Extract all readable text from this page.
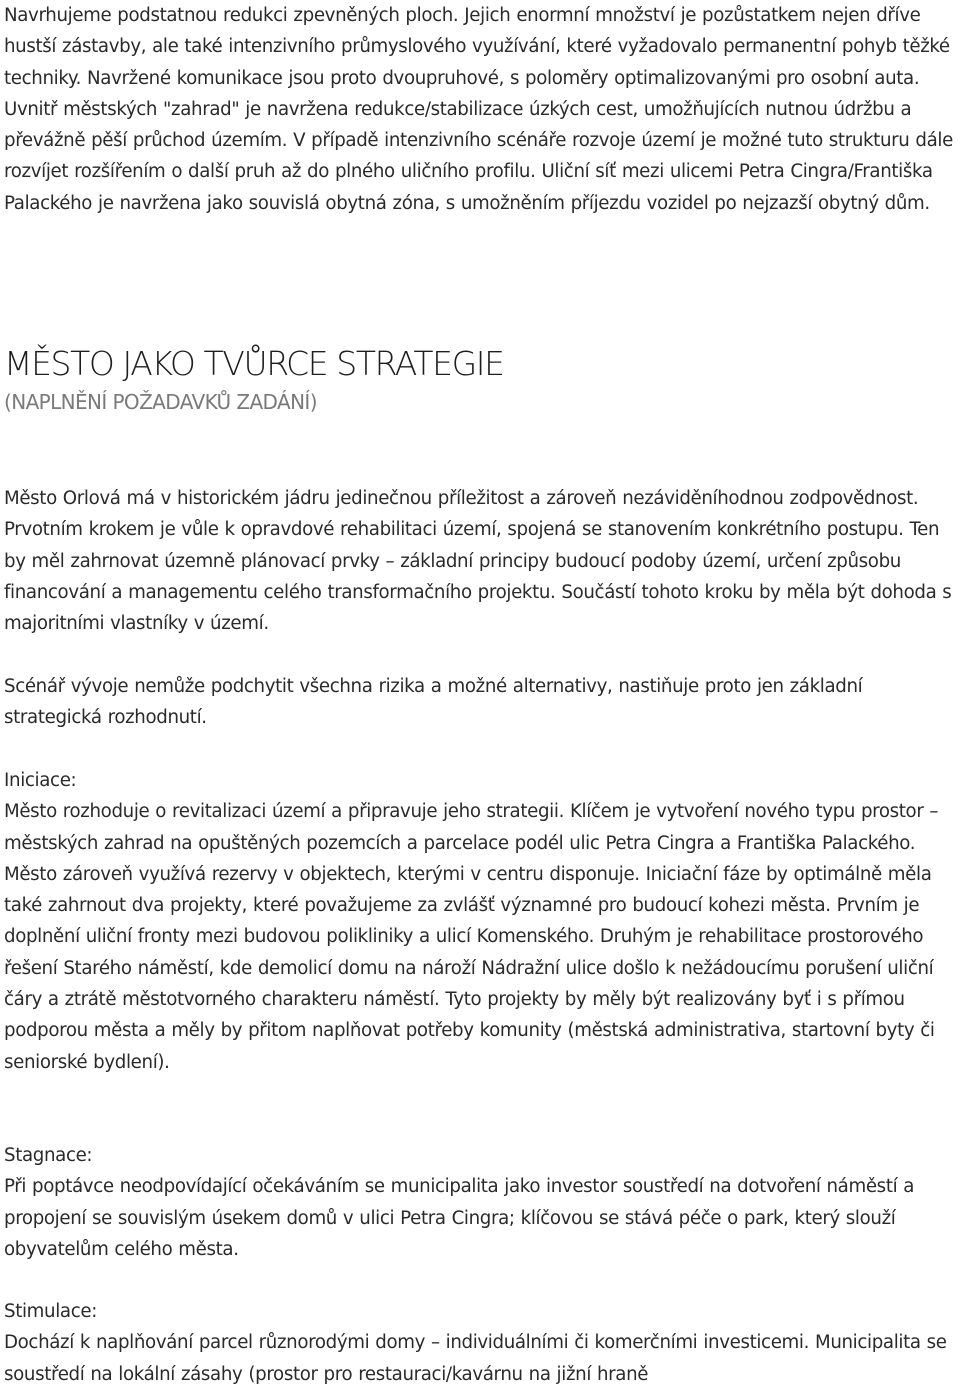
Navrhujeme podstatnou redukci zpevněných ploch. Jejich enormní množství je pozůstatkem nejen dříve hustší zástavby, ale také intenzivního průmyslového využívání, které vyžadovalo permanentní pohyb těžké techniky. Navržené komunikace jsou proto dvoupruhové, s poloměry optimalizovanými pro osobní auta. Uvnitř městských "zahrad" je navržena redukce/stabilizace úzkých cest, umožňujících nutnou údržbu a převážně pěší průchod územím. V případě intenzivního scénáře rozvoje území je možné tuto strukturu dále rozvíjet rozšířením o další pruh až do plného uličního profilu. Uliční síť mezi ulicemi Petra Cingra/Františka Palackého je navržena jako souvislá obytná zóna, s umožněním příjezdu vozidel po nejzazší obytný dům.

MĚSTO JAKO TVŮRCE STRATEGIE
(NAPLNĚNÍ POŽADAVKŮ ZADÁNÍ)

Město Orlová má v historickém jádru jedinečnou příležitost a zároveň nezáviděníhodnou zodpovědnost. Prvotním krokem je vůle k opravdové rehabilitaci území, spojená se stanovením konkrétního postupu. Ten by měl zahrnovat územně plánovací prvky – základní principy budoucí podoby území, určení způsobu financování a managementu celého transformačního projektu. Součástí tohoto kroku by měla být dohoda s majoritními vlastníky v území.

Scénář vývoje nemůže podchytit všechna rizika a možné alternativy, nastiňuje proto jen základní strategická rozhodnutí.

Iniciace:

Město rozhoduje o revitalizaci území a připravuje jeho strategii. Klíčem je vytvoření nového typu prostor – městských zahrad na opuštěných pozemcích a parcelace podél ulic Petra Cingra a Františka Palackého. Město zároveň využívá rezervy v objektech, kterými v centru disponuje. Iniciační fáze by optimálně měla také zahrnout dva projekty, které považujeme za zvlášť významné pro budoucí kohezi města. Prvním je doplnění uliční fronty mezi budovou polikliniky a ulicí Komenského. Druhým je rehabilitace prostorového řešení Starého náměstí, kde demolicí domu na nároží Nádražní ulice došlo k nežádoucímu porušení uliční čáry a ztrátě městotvorného charakteru náměstí. Tyto projekty by měly být realizovány byť i s přímou podporou města a měly by přitom naplňovat potřeby komunity (městská administrativa, startovní byty či seniorské bydlení).

Stagnace:

Při poptávce neodpovídající očekáváním se municipalita jako investor soustředí na dotvoření náměstí a propojení se souvislým úsekem domů v ulici Petra Cingra; klíčovou se stává péče o park, který slouží obyvatelům celého města.

Stimulace:

Dochází k naplňování parcel různorodými domy – individuálními či komerčními investicemi. Municipalita se soustředí na lokální zásahy (prostor pro restauraci/kavárnu na jižní hraně
